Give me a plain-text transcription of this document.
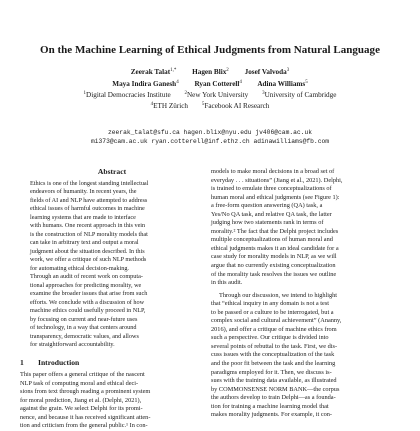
On the Machine Learning of Ethical Judgments from Natural Language
Zeerak Talat$^{1,*}$ Hagen Blix$^2$ Josef Valvoda$^3$
Maya Indira Ganesh$^4$ Ryan Cotterell$^4$ Adina Williams$^5$
$^1$Digital Democracies Institute	$^2$New York University	$^3$University of Cambridge
$^4$ETH Zürich	$^5$Facebook AI Research
zeerak_talat@sfu.ca hagen.blix@nyu.edu jv406@cam.ac.uk
mi373@cam.ac.uk ryan.cotterell@inf.ethz.ch adinawilliams@fb.com
Abstract
Ethics is one of the longest standing intellectual
endeavors of humanity. In recent years, the
fields of AI and NLP have attempted to address
ethical issues of harmful outcomes in machine
learning systems that are made to interface
with humans. One recent approach in this vein
is the construction of NLP morality models that
can take in arbitrary text and output a moral
judgment about the situation described. In this
work, we offer a critique of such NLP methods
for automating ethical decision-making.
Through an audit of recent work on computa-
tional approaches for predicting morality, we
examine the broader issues that arise from such
efforts. We conclude with a discussion of how
machine ethics could usefully proceed in NLP,
by focusing on current and near-future uses
of technology, in a way that centers around
transparency, democratic values, and allows
for straightforward accountability.
1 Introduction
This paper offers a general critique of the nascent
NLP task of computing moral and ethical deci-
sions from text through reading a prominent system
for moral prediction, Jiang et al. (Delphi, 2021),
against the grain. We select Delphi for its promi-
nence, and because it has received significant atten-
tion and criticism from the general public.¹ In con-
models to make moral decisions in a broad set of
everyday . . . situations” (Jiang et al., 2021). Delphi,
is trained to emulate three conceptualizations of
human moral and ethical judgments (see Figure 1):
a free-form question answering (QA) task, a
Yes/No QA task, and relative QA task, the latter
judging how two statements rank in terms of
morality.² The fact that the Delphi project includes
multiple conceptualizations of human moral and
ethical judgments makes it an ideal candidate for a
case study for morality models in NLP, as we will
argue that no currently existing conceptualization
of the morality task resolves the issues we outline
in this audit.
Through our discussion, we intend to highlight
that “ethical inquiry in any domain is not a test
to be passed or a culture to be interrogated, but a
complex social and cultural achievement” (Ananny,
2016), and offer a critique of machine ethics from
such a perspective. Our critique is divided into
several points of rebuttal to the task. First, we dis-
cuss issues with the conceptualization of the task
and the poor fit between the task and the learning
paradigms employed for it. Then, we discuss is-
sues with the training data available, as illustrated
by COMMONSENSE NORM BANK—the corpus
the authors develop to train Delphi—as a founda-
tion for training a machine learning model that
makes morality judgments. For example, it con-
